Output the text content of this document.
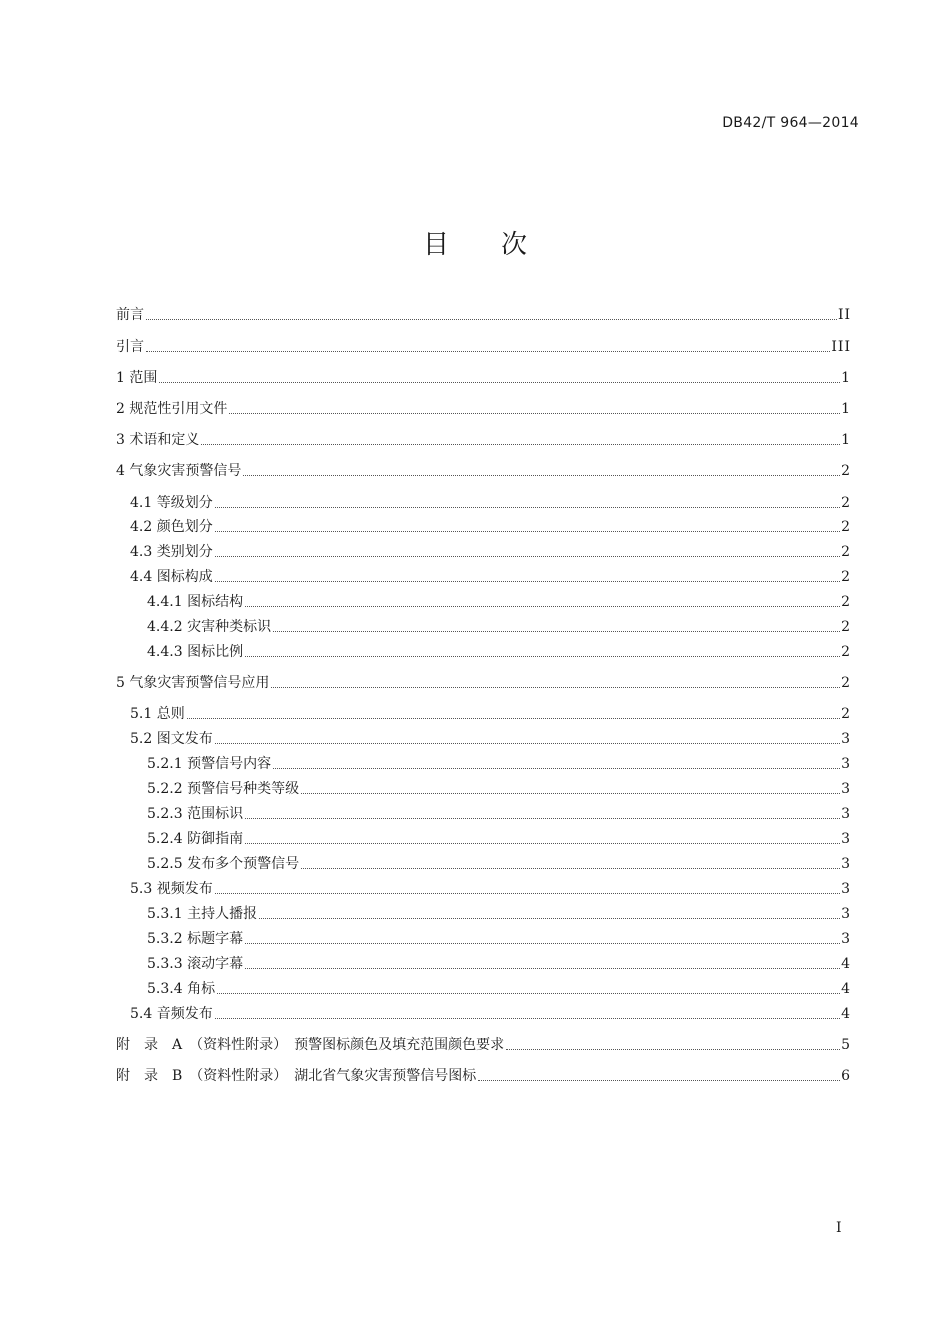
DB42/T 964—2014
目次
前言	II
引言	III
1 范围	1
2 规范性引用文件	1
3 术语和定义	1
4 气象灾害预警信号	2
4.1 等级划分	2
4.2 颜色划分	2
4.3 类别划分	2
4.4 图标构成	2
4.4.1 图标结构	2
4.4.2 灾害种类标识	2
4.4.3 图标比例	2
5 气象灾害预警信号应用	2
5.1 总则	2
5.2 图文发布	3
5.2.1 预警信号内容	3
5.2.2 预警信号种类等级	3
5.2.3 范围标识	3
5.2.4 防御指南	3
5.2.5 发布多个预警信号	3
5.3 视频发布	3
5.3.1 主持人播报	3
5.3.2 标题字幕	3
5.3.3 滚动字幕	4
5.3.4 角标	4
5.4 音频发布	4
附　录　A　（资料性附录）　预警图标颜色及填充范围颜色要求	5
附　录　B　（资料性附录）　湖北省气象灾害预警信号图标	6
I
